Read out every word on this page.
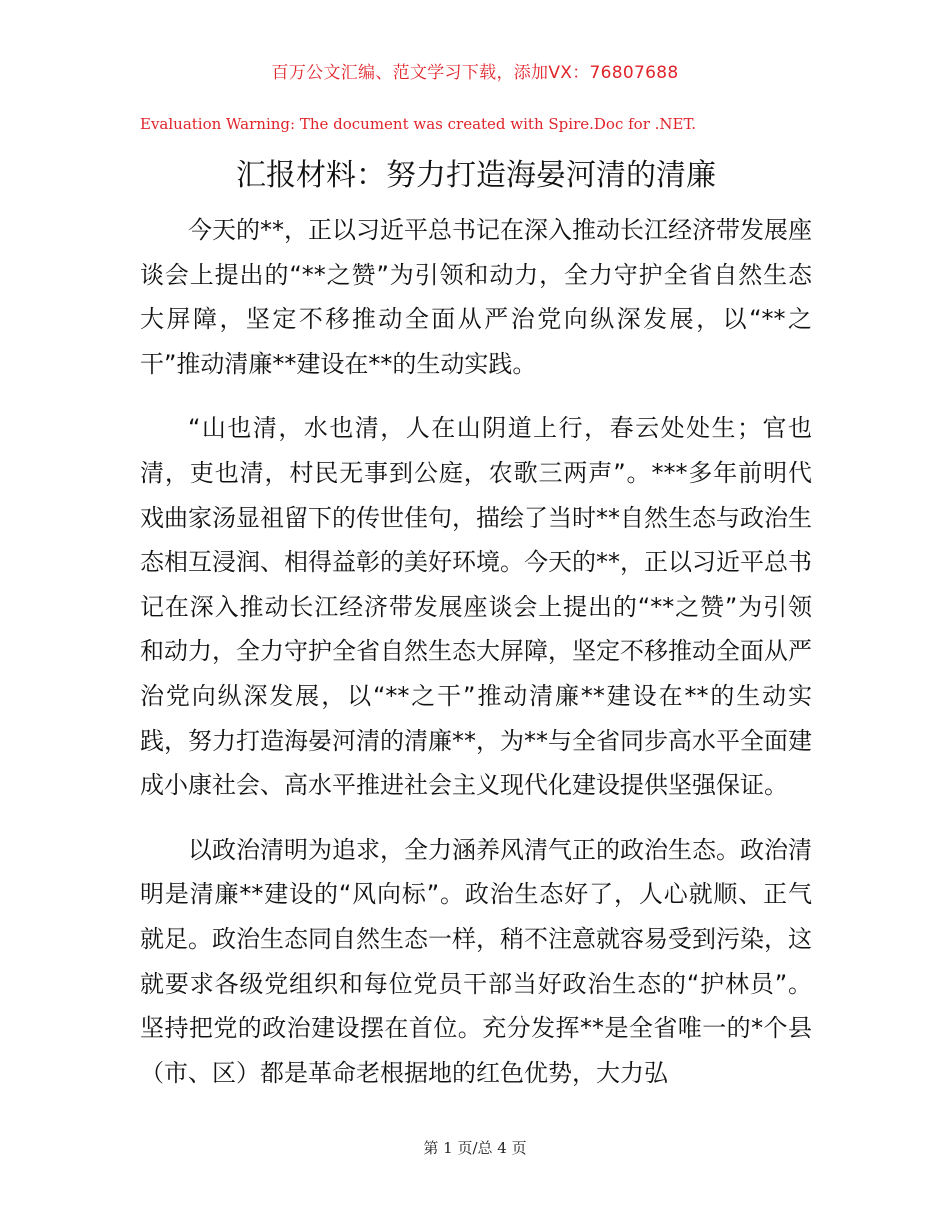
百万公文汇编、范文学习下载，添加VX：76807688
Evaluation Warning: The document was created with Spire.Doc for .NET.
汇报材料：努力打造海晏河清的清廉

今天的**，正以习近平总书记在深入推动长江经济带发展座谈会上提出的“**之赞”为引领和动力，全力守护全省自然生态大屏障，坚定不移推动全面从严治党向纵深发展，以“**之干”推动清廉**建设在**的生动实践。

“山也清，水也清，人在山阴道上行，春云处处生；官也清，吏也清，村民无事到公庭，农歌三两声”。***多年前明代戏曲家汤显祖留下的传世佳句，描绘了当时**自然生态与政治生态相互浸润、相得益彰的美好环境。今天的**，正以习近平总书记在深入推动长江经济带发展座谈会上提出的“**之赞”为引领和动力，全力守护全省自然生态大屏障，坚定不移推动全面从严治党向纵深发展，以“**之干”推动清廉**建设在**的生动实践，努力打造海晏河清的清廉**，为**与全省同步高水平全面建成小康社会、高水平推进社会主义现代化建设提供坚强保证。

以政治清明为追求，全力涵养风清气正的政治生态。政治清明是清廉**建设的“风向标”。政治生态好了，人心就顺、正气就足。政治生态同自然生态一样，稍不注意就容易受到污染，这就要求各级党组织和每位党员干部当好政治生态的“护林员”。坚持把党的政治建设摆在首位。充分发挥**是全省唯一的*个县（市、区）都是革命老根据地的红色优势，大力弘

第 1 页/总 4 页
